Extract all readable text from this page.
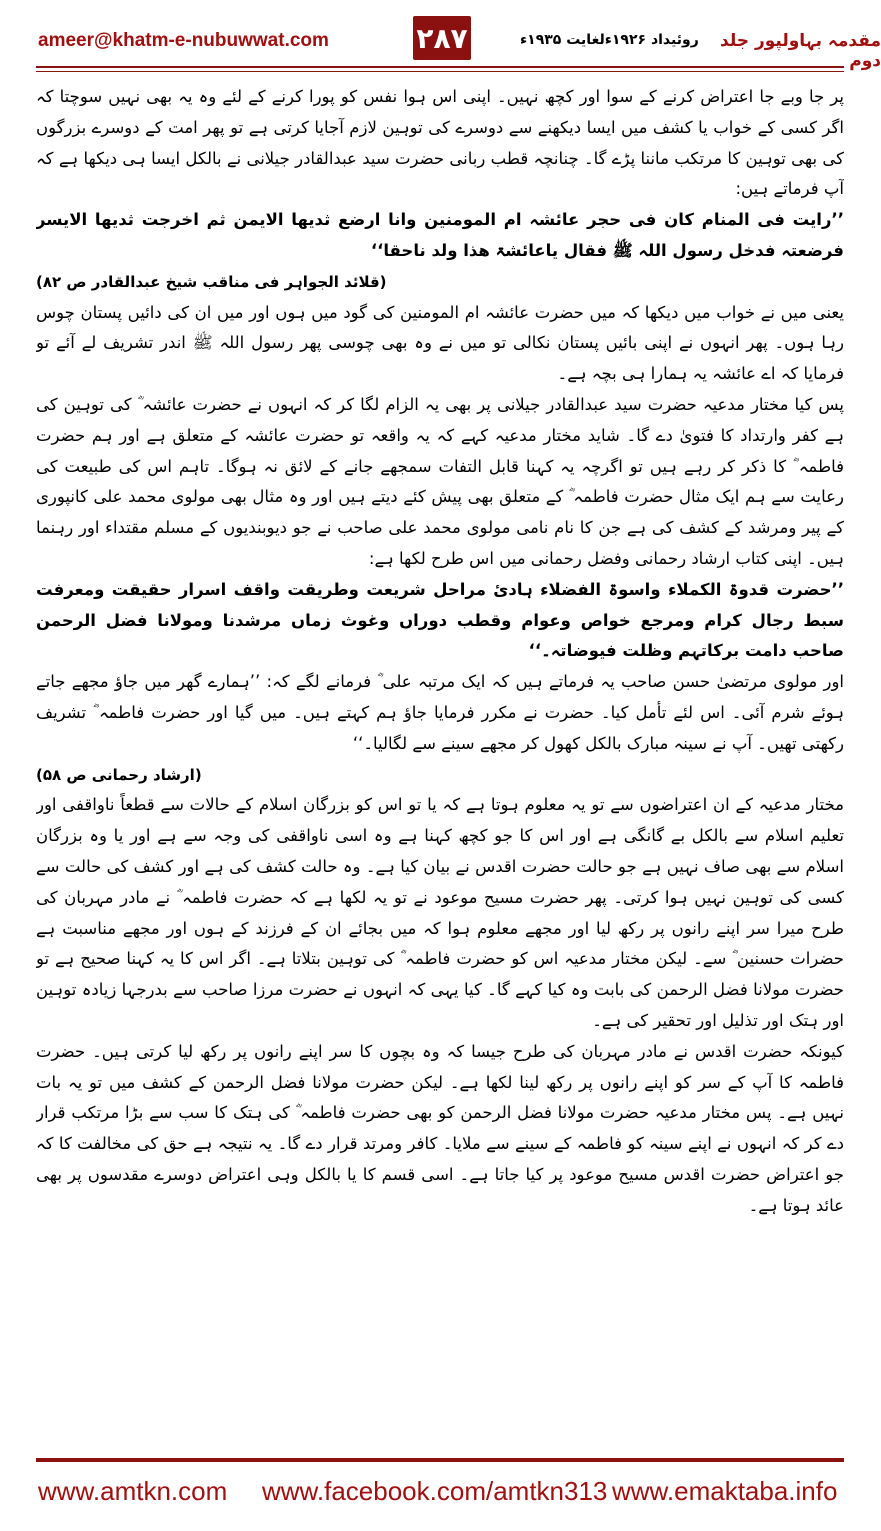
ameer@khatm-e-nubuwwat.com	٢٨٧	روئیداد ۱۹۲۶ءلغایت ۱۹۳۵ء	مقدمہ بہاولپور جلد دوم

پر جا وبے جا اعتراض کرنے کے سوا اور کچھ نہیں۔ اپنی اس ہوا نفس کو پورا کرنے کے لئے وہ یہ بھی نہیں سوچتا کہ اگر کسی کے خواب یا کشف میں ایسا دیکھنے سے دوسرے کی توہین لازم آجایا کرتی ہے تو پھر امت کے دوسرے بزرگوں کی بھی توہین کا مرتکب ماننا پڑے گا۔ چنانچہ قطب ربانی حضرت سید عبدالقادر جیلانی نے بالکل ایسا ہی دیکھا ہے کہ آپ فرماتے ہیں:

’’رایت فی المنام کان فی حجر عائشہ ام المومنین وانا ارضع ثدیھا الایمن ثم اخرجت ثدیھا الایسر فرضعتہ فدخل رسول اللہ ﷺ فقال یاعائشۃ ھذا ولد ناحقا‘‘

(قلائد الجواہر فی مناقب شیخ عبدالقادر ص ۸۲)

یعنی میں نے خواب میں دیکھا کہ میں حضرت عائشہ ام المومنین کی گود میں ہوں اور میں ان کی دائیں پستان چوس رہا ہوں۔ پھر انہوں نے اپنی بائیں پستان نکالی تو میں نے وہ بھی چوسی پھر رسول اللہ ﷺ اندر تشریف لے آئے تو فرمایا کہ اے عائشہ یہ ہمارا ہی بچہ ہے۔

پس کیا مختار مدعیہ حضرت سید عبدالقادر جیلانی پر بھی یہ الزام لگا کر کہ انہوں نے حضرت عائشہ ؓ کی توہین کی ہے کفر وارتداد کا فتویٰ دے گا۔ شاید مختار مدعیہ کہے کہ یہ واقعہ تو حضرت عائشہ کے متعلق ہے اور ہم حضرت فاطمہ ؓ کا ذکر کر رہے ہیں تو اگرچہ یہ کہنا قابل التفات سمجھے جانے کے لائق نہ ہوگا۔ تاہم اس کی طبیعت کی رعایت سے ہم ایک مثال حضرت فاطمہ ؓ کے متعلق بھی پیش کئے دیتے ہیں اور وہ مثال بھی مولوی محمد علی کانپوری کے پیر ومرشد کے کشف کی ہے جن کا نام نامی مولوی محمد علی صاحب نے جو دیوبندیوں کے مسلم مقتداء اور رہنما ہیں۔ اپنی کتاب ارشاد رحمانی وفضل رحمانی میں اس طرح لکھا ہے:

’’حضرت قدوۃ الکملاء واسوۃ الفضلاء ہادیٔ مراحل شریعت وطریقت واقف اسرار حقیقت ومعرفت سبط رجال کرام ومرجع خواص وعوام وقطب دوراں وغوث زماں مرشدنا ومولانا فضل الرحمن صاحب دامت برکاتہم وظلت فیوضاتہ۔‘‘

اور مولوی مرتضیٰ حسن صاحب یہ فرماتے ہیں کہ ایک مرتبہ علی ؓ فرمانے لگے کہ: ’’ہمارے گھر میں جاؤ مجھے جاتے ہوئے شرم آئی۔ اس لئے تأمل کیا۔ حضرت نے مکرر فرمایا جاؤ ہم کہتے ہیں۔ میں گیا اور حضرت فاطمہ ؓ تشریف رکھتی تھیں۔ آپ نے سینہ مبارک بالکل کھول کر مجھے سینے سے لگالیا۔‘‘

(ارشاد رحمانی ص ۵۸)

مختار مدعیہ کے ان اعتراضوں سے تو یہ معلوم ہوتا ہے کہ یا تو اس کو بزرگان اسلام کے حالات سے قطعاً ناواقفی اور تعلیم اسلام سے بالکل بے گانگی ہے اور اس کا جو کچھ کہنا ہے وہ اسی ناواقفی کی وجہ سے ہے اور یا وہ بزرگان اسلام سے بھی صاف نہیں ہے جو حالت حضرت اقدس نے بیان کیا ہے۔ وہ حالت کشف کی ہے اور کشف کی حالت سے کسی کی توہین نہیں ہوا کرتی۔ پھر حضرت مسیح موعود نے تو یہ لکھا ہے کہ حضرت فاطمہ ؓ نے مادر مہربان کی طرح میرا سر اپنے رانوں پر رکھ لیا اور مجھے معلوم ہوا کہ میں بجائے ان کے فرزند کے ہوں اور مجھے مناسبت ہے حضرات حسنین ؓ سے۔ لیکن مختار مدعیہ اس کو حضرت فاطمہ ؓ کی توہین بتلاتا ہے۔ اگر اس کا یہ کہنا صحیح ہے تو حضرت مولانا فضل الرحمن کی بابت وہ کیا کہے گا۔ کیا یہی کہ انہوں نے حضرت مرزا صاحب سے بدرجہا زیادہ توہین اور ہتک اور تذلیل اور تحقیر کی ہے۔

کیونکہ حضرت اقدس نے مادر مہربان کی طرح جیسا کہ وہ بچوں کا سر اپنے رانوں پر رکھ لیا کرتی ہیں۔ حضرت فاطمہ کا آپ کے سر کو اپنے رانوں پر رکھ لینا لکھا ہے۔ لیکن حضرت مولانا فضل الرحمن کے کشف میں تو یہ بات نہیں ہے۔ پس مختار مدعیہ حضرت مولانا فضل الرحمن کو بھی حضرت فاطمہ ؓ کی ہتک کا سب سے بڑا مرتکب قرار دے کر کہ انہوں نے اپنے سینہ کو فاطمہ کے سینے سے ملایا۔ کافر ومرتد قرار دے گا۔ یہ نتیجہ ہے حق کی مخالفت کا کہ جو اعتراض حضرت اقدس مسیح موعود پر کیا جاتا ہے۔ اسی قسم کا یا بالکل وہی اعتراض دوسرے مقدسوں پر بھی عائد ہوتا ہے۔

www.amtkn.com www.facebook.com/amtkn313 www.emaktaba.info
